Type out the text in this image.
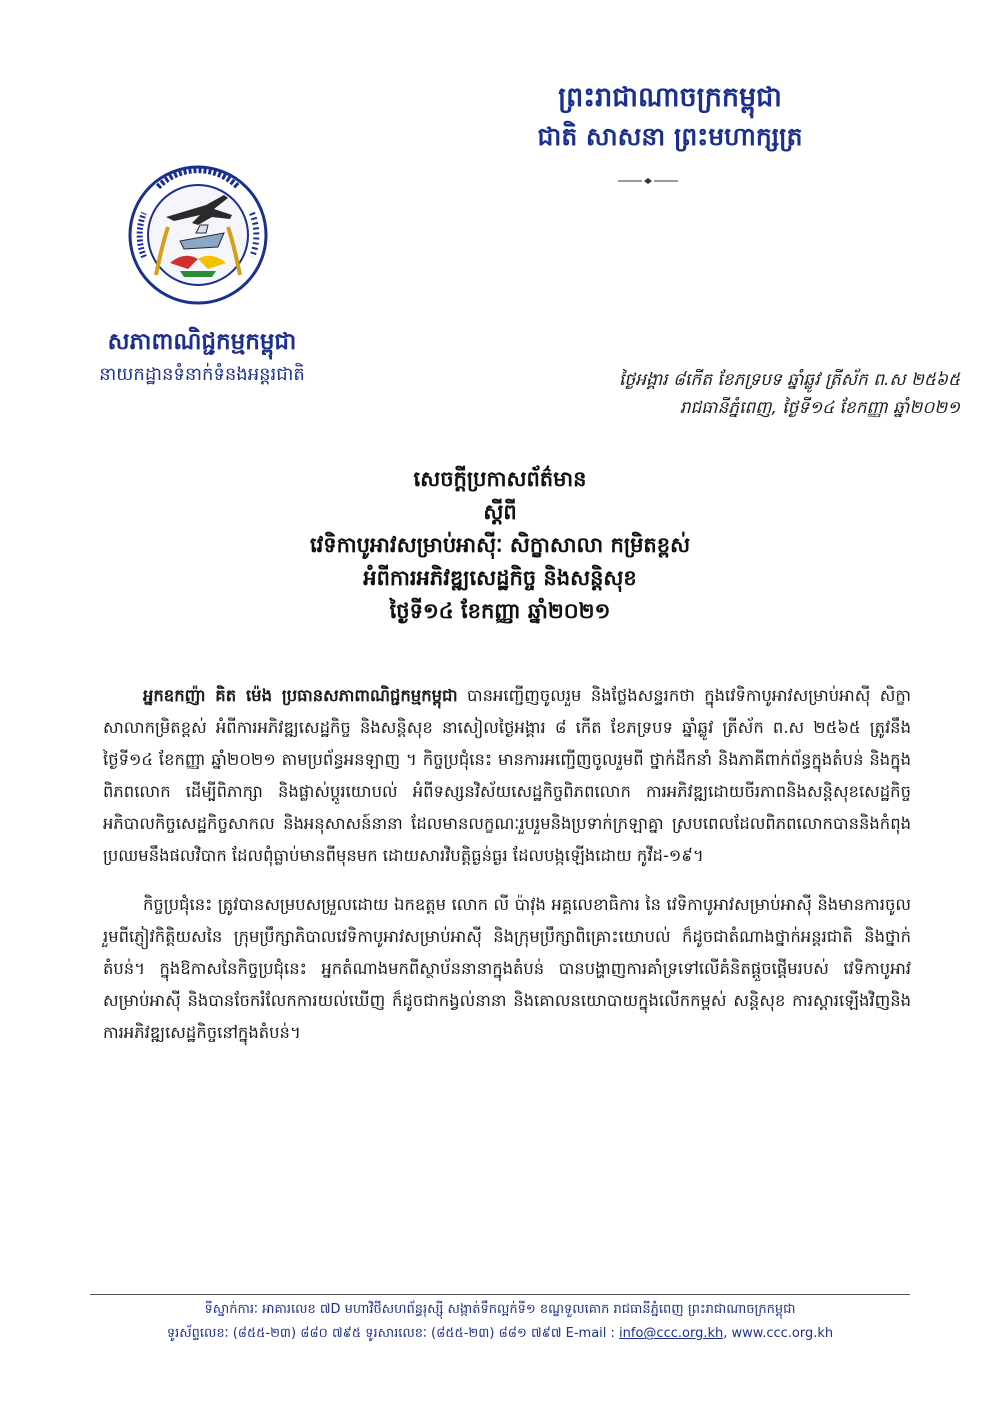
ព្រះរាជាណាចក្រកម្ពុជា
ជាតិ សាសនា ព្រះមហាក្សត្រ
សភាពាណិជ្ជកម្មកម្ពុជា
នាយកដ្ឋានទំនាក់ទំនងអន្តរជាតិ	ថ្ងៃអង្គារ ៨កើត ខែភទ្របទ ឆ្នាំឆ្លូវ ត្រីស័ក ព.ស ២៥៦៥
រាជធានីភ្នំពេញ, ថ្ងៃទី១៤ ខែកញ្ញា ឆ្នាំ២០២១
សេចក្តីប្រកាសព័ត៌មាន
ស្តីពី
វេទិកាបូអាវសម្រាប់អាស៊ីៈ សិក្ខាសាលា កម្រិតខ្ពស់
អំពីការអភិវឌ្ឍសេដ្ឋកិច្ច និងសន្តិសុខ
ថ្ងៃទី១៤ ខែកញ្ញា ឆ្នាំ២០២១

អ្នកឧកញ៉ា គិត ម៉េង ប្រធានសភាពាណិជ្ជកម្មកម្ពុជា បានអញ្ជើញចូលរួម និងថ្លែងសន្ទរកថា ក្នុងវេទិកាបូអាវសម្រាប់អាស៊ី សិក្ខាសាលាកម្រិតខ្ពស់ អំពីការអភិវឌ្ឍសេដ្ឋកិច្ច និងសន្តិសុខ នាសៀលថ្ងៃអង្គារ ៨ កើត ខែភទ្របទ ឆ្នាំឆ្លូវ ត្រីស័ក ព.ស ២៥៦៥ ត្រូវនឹងថ្ងៃទី១៤ ខែកញ្ញា ឆ្នាំ២០២១ តាមប្រព័ន្ធអនឡាញ ។ កិច្ចប្រជុំនេះ មានការអញ្ជើញចូលរួមពី ថ្នាក់ដឹកនាំ និងភាគីពាក់ព័ន្ធក្នុងតំបន់ និងក្នុងពិភពលោក ដើម្បីពិភាក្សា និងផ្លាស់ប្តូរយោបល់ អំពីទស្សនវិស័យសេដ្ឋកិច្ចពិភពលោក ការអភិវឌ្ឍដោយចីរភាពនិងសន្តិសុខសេដ្ឋកិច្ច អភិបាលកិច្ចសេដ្ឋកិច្ចសាកល និងអនុសាសន៍នានា ដែលមានលក្ខណៈរួបរួមនិងប្រទាក់ក្រឡាគ្នា ស្របពេលដែលពិភពលោកបាននិងកំពុងប្រឈមនឹងផលវិបាក ដែលពុំធ្លាប់មានពីមុនមក ដោយសារវិបត្តិធ្ងន់ធ្ងរ ដែលបង្កឡើងដោយ កូវីដ-១៩។

កិច្ចប្រជុំនេះ ត្រូវបានសម្របសម្រួលដោយ ឯកឧត្តម លោក លី ប៉ាវុង អគ្គលេខាធិការ នៃ វេទិកាបូអាវសម្រាប់អាស៊ី និងមានការចូលរួមពីភ្ញៀវកិត្តិយសនៃ ក្រុមប្រឹក្សាភិបាលវេទិកាបូអាវសម្រាប់អាស៊ី និងក្រុមប្រឹក្សាពិគ្រោះយោបល់ ក៏ដូចជាតំណាងថ្នាក់អន្តរជាតិ និងថ្នាក់តំបន់។ ក្នុងឱកាសនៃកិច្ចប្រជុំនេះ អ្នកតំណាងមកពីស្ថាប័ននានាក្នុងតំបន់ បានបង្ហាញការគាំទ្រទៅលើគំនិតផ្តួចផ្តើមរបស់ វេទិកាបូអាវសម្រាប់អាស៊ី និងបានចែករំលែកការយល់ឃើញ ក៏ដូចជាកង្វល់នានា និងគោលនយោបាយក្នុងលើកកម្ពស់ សន្តិសុខ ការស្តារឡើងវិញនិង ការអភិវឌ្ឍសេដ្ឋកិច្ចនៅក្នុងតំបន់។

ទីស្នាក់ការៈ អាគារលេខ ៧D មហាវិថីសហព័ន្ធរុស្ស៊ី សង្កាត់ទឹកល្អក់ទី១ ខណ្ឌទួលគោក រាជធានីភ្នំពេញ ព្រះរាជាណាចក្រកម្ពុជា
ទូរស័ព្ទលេខៈ (៨៥៥-២៣) ៨៨០ ៧៩៥ ទូរសារលេខៈ (៨៥៥-២៣) ៨៨១ ៧៩៧ E-mail : info@ccc.org.kh, www.ccc.org.kh
